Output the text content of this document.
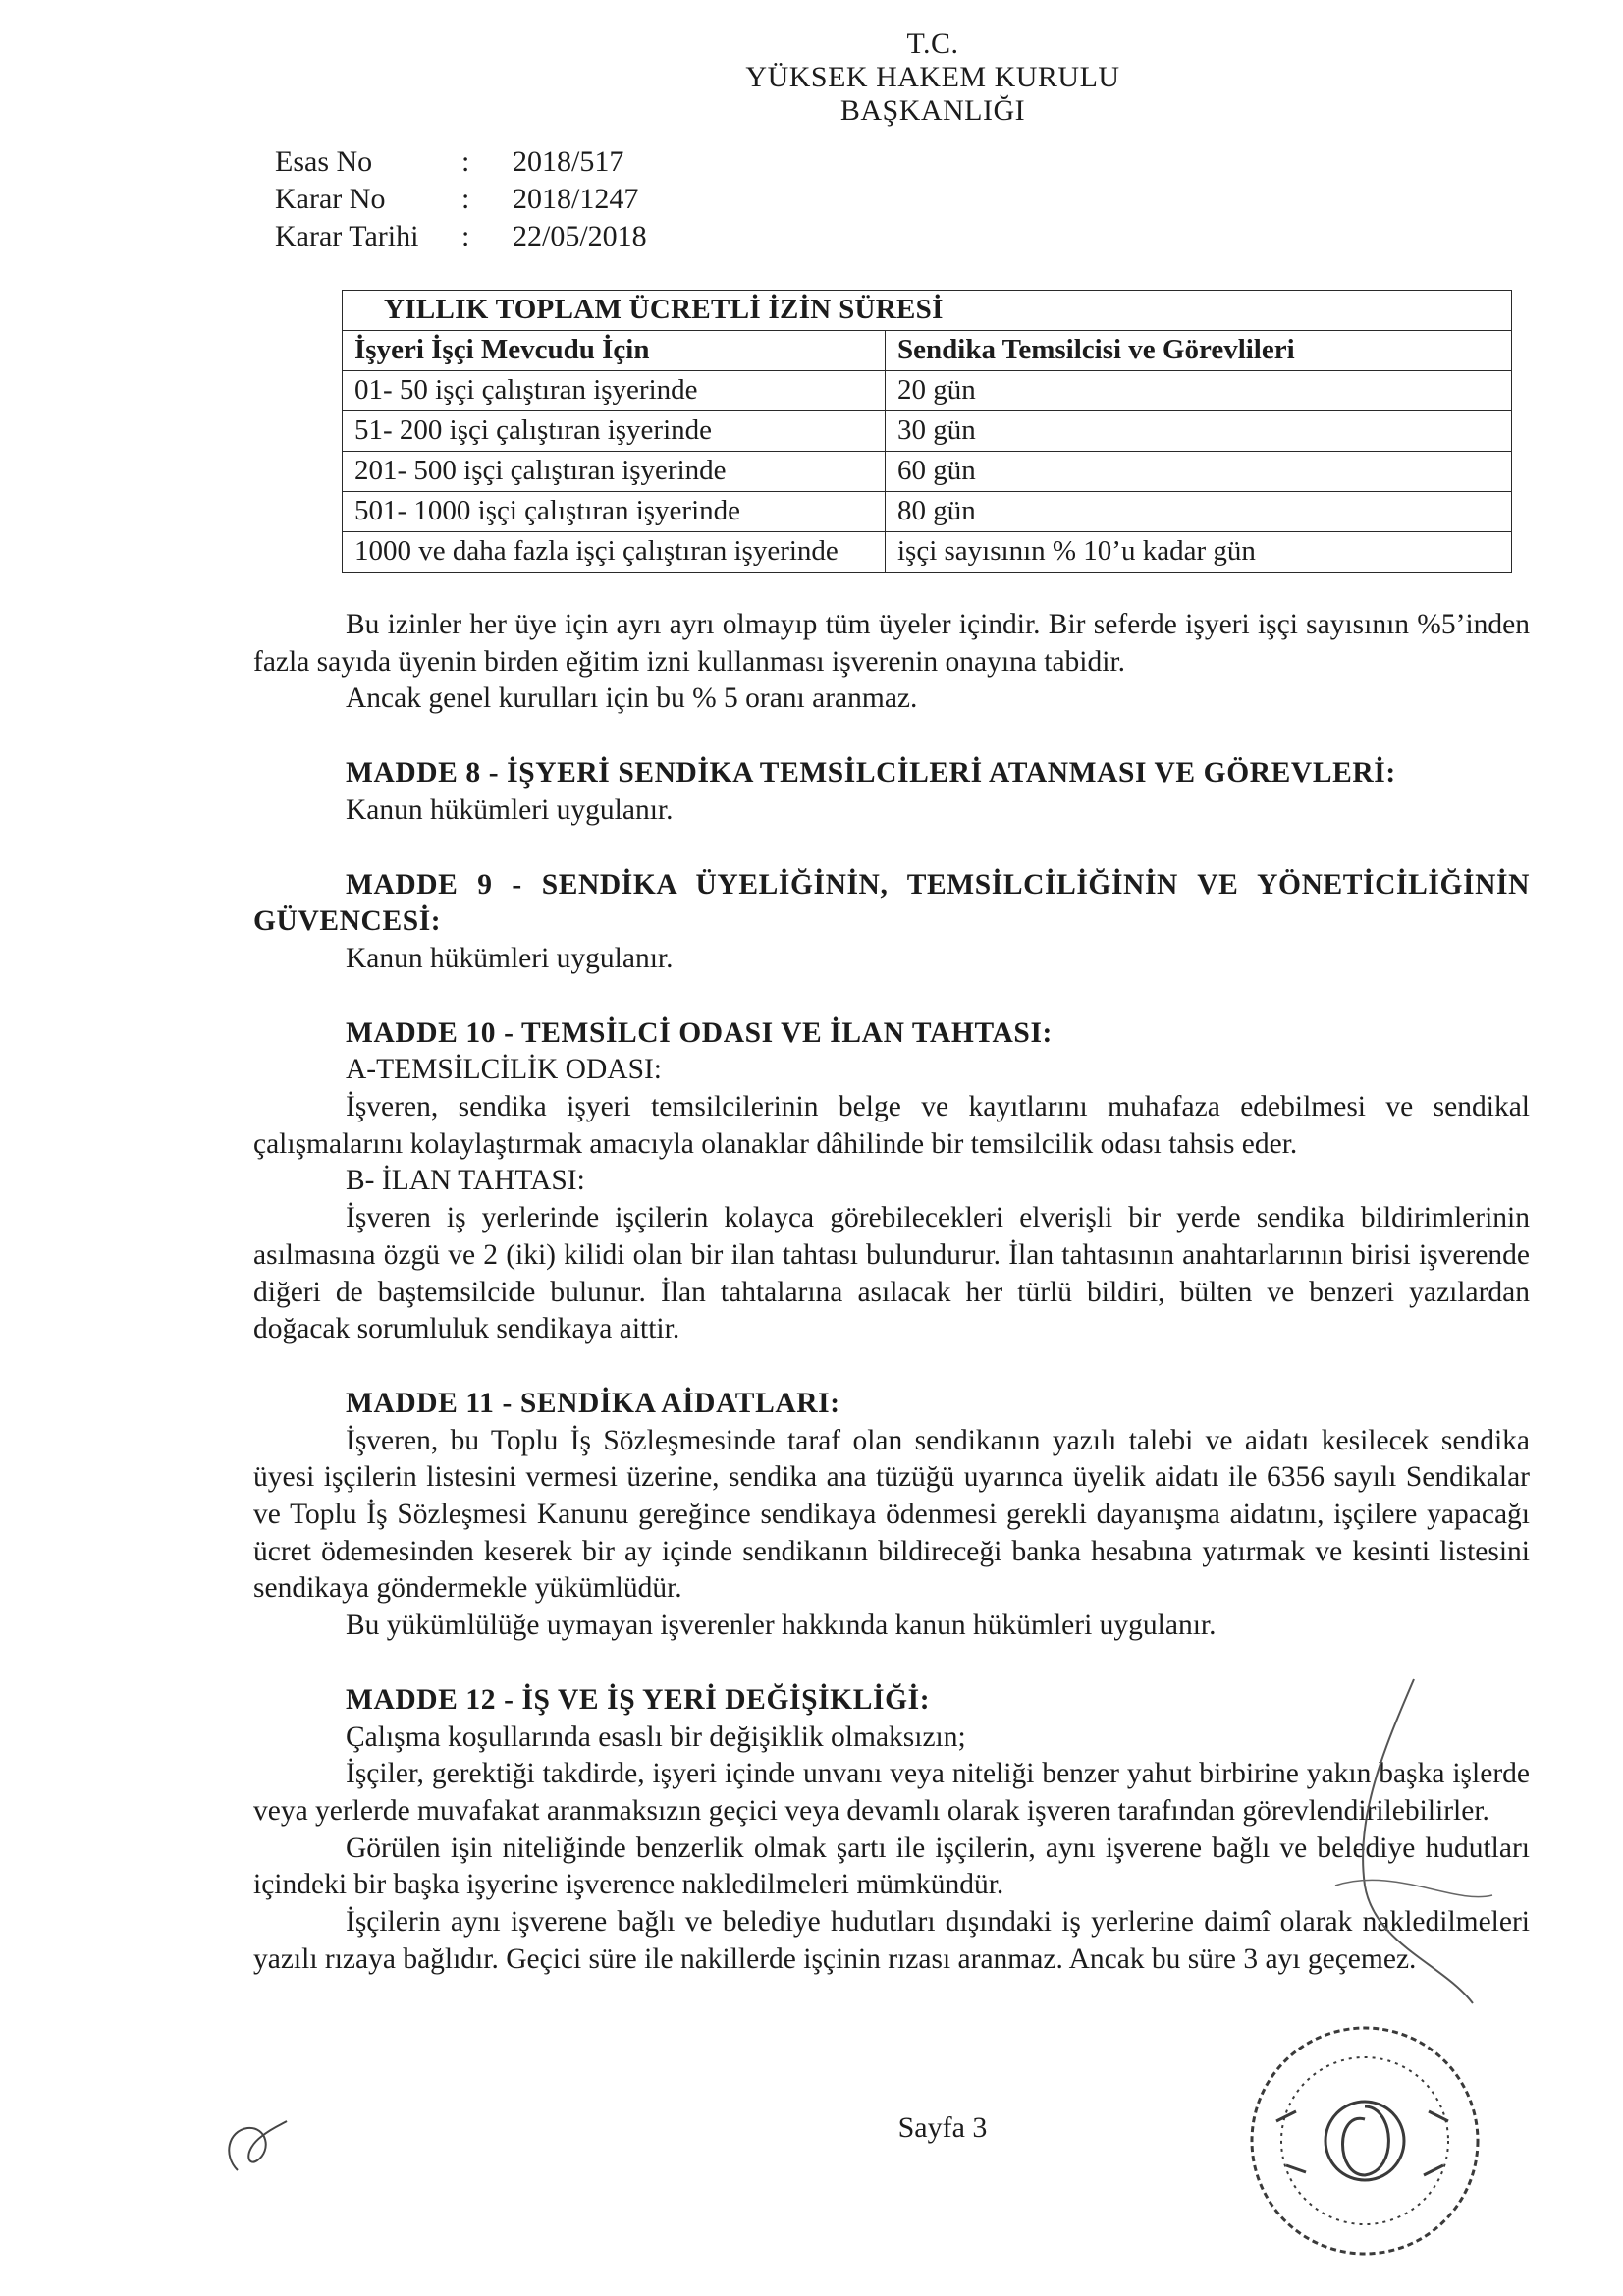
T.C.
YÜKSEK HAKEM KURULU
BAŞKANLIĞI
Esas No	:	2018/517
Karar No	:	2018/1247
Karar Tarihi	:	22/05/2018
YILLIK TOPLAM ÜCRETLİ İZİN SÜRESİ	
İşyeri İşçi Mevcudu İçin	Sendika Temsilcisi ve Görevlileri
01- 50 işçi çalıştıran işyerinde	20 gün
51- 200 işçi çalıştıran işyerinde	30 gün
201- 500 işçi çalıştıran işyerinde	60 gün
501- 1000 işçi çalıştıran işyerinde	80 gün
1000 ve daha fazla işçi çalıştıran işyerinde	işçi sayısının % 10’u kadar gün

Bu izinler her üye için ayrı ayrı olmayıp tüm üyeler içindir. Bir seferde işyeri işçi sayısının %5’inden fazla sayıda üyenin birden eğitim izni kullanması işverenin onayına tabidir.

Ancak genel kurulları için bu % 5 oranı aranmaz.

MADDE 8 - İŞYERİ SENDİKA TEMSİLCİLERİ ATANMASI VE GÖREVLERİ:

Kanun hükümleri uygulanır.

MADDE 9 - SENDİKA ÜYELİĞİNİN, TEMSİLCİLİĞİNİN VE YÖNETİCİLİĞİNİN GÜVENCESİ:

Kanun hükümleri uygulanır.

MADDE 10 - TEMSİLCİ ODASI VE İLAN TAHTASI:

A-TEMSİLCİLİK ODASI:

İşveren, sendika işyeri temsilcilerinin belge ve kayıtlarını muhafaza edebilmesi ve sendikal çalışmalarını kolaylaştırmak amacıyla olanaklar dâhilinde bir temsilcilik odası tahsis eder.

B- İLAN TAHTASI:

İşveren iş yerlerinde işçilerin kolayca görebilecekleri elverişli bir yerde sendika bildirimlerinin asılmasına özgü ve 2 (iki) kilidi olan bir ilan tahtası bulundurur. İlan tahtasının anahtarlarının birisi işverende diğeri de baştemsilcide bulunur. İlan tahtalarına asılacak her türlü bildiri, bülten ve benzeri yazılardan doğacak sorumluluk sendikaya aittir.

MADDE 11 - SENDİKA AİDATLARI:

İşveren, bu Toplu İş Sözleşmesinde taraf olan sendikanın yazılı talebi ve aidatı kesilecek sendika üyesi işçilerin listesini vermesi üzerine, sendika ana tüzüğü uyarınca üyelik aidatı ile 6356 sayılı Sendikalar ve Toplu İş Sözleşmesi Kanunu gereğince sendikaya ödenmesi gerekli dayanışma aidatını, işçilere yapacağı ücret ödemesinden keserek bir ay içinde sendikanın bildireceği banka hesabına yatırmak ve kesinti listesini sendikaya göndermekle yükümlüdür.

Bu yükümlülüğe uymayan işverenler hakkında kanun hükümleri uygulanır.

MADDE 12 - İŞ VE İŞ YERİ DEĞİŞİKLİĞİ:

Çalışma koşullarında esaslı bir değişiklik olmaksızın;

İşçiler, gerektiği takdirde, işyeri içinde unvanı veya niteliği benzer yahut birbirine yakın başka işlerde veya yerlerde muvafakat aranmaksızın geçici veya devamlı olarak işveren tarafından görevlendirilebilirler.

Görülen işin niteliğinde benzerlik olmak şartı ile işçilerin, aynı işverene bağlı ve belediye hudutları içindeki bir başka işyerine işverence nakledilmeleri mümkündür.

İşçilerin aynı işverene bağlı ve belediye hudutları dışındaki iş yerlerine daimî olarak nakledilmeleri yazılı rızaya bağlıdır. Geçici süre ile nakillerde işçinin rızası aranmaz. Ancak bu süre 3 ayı geçemez.

Sayfa 3
